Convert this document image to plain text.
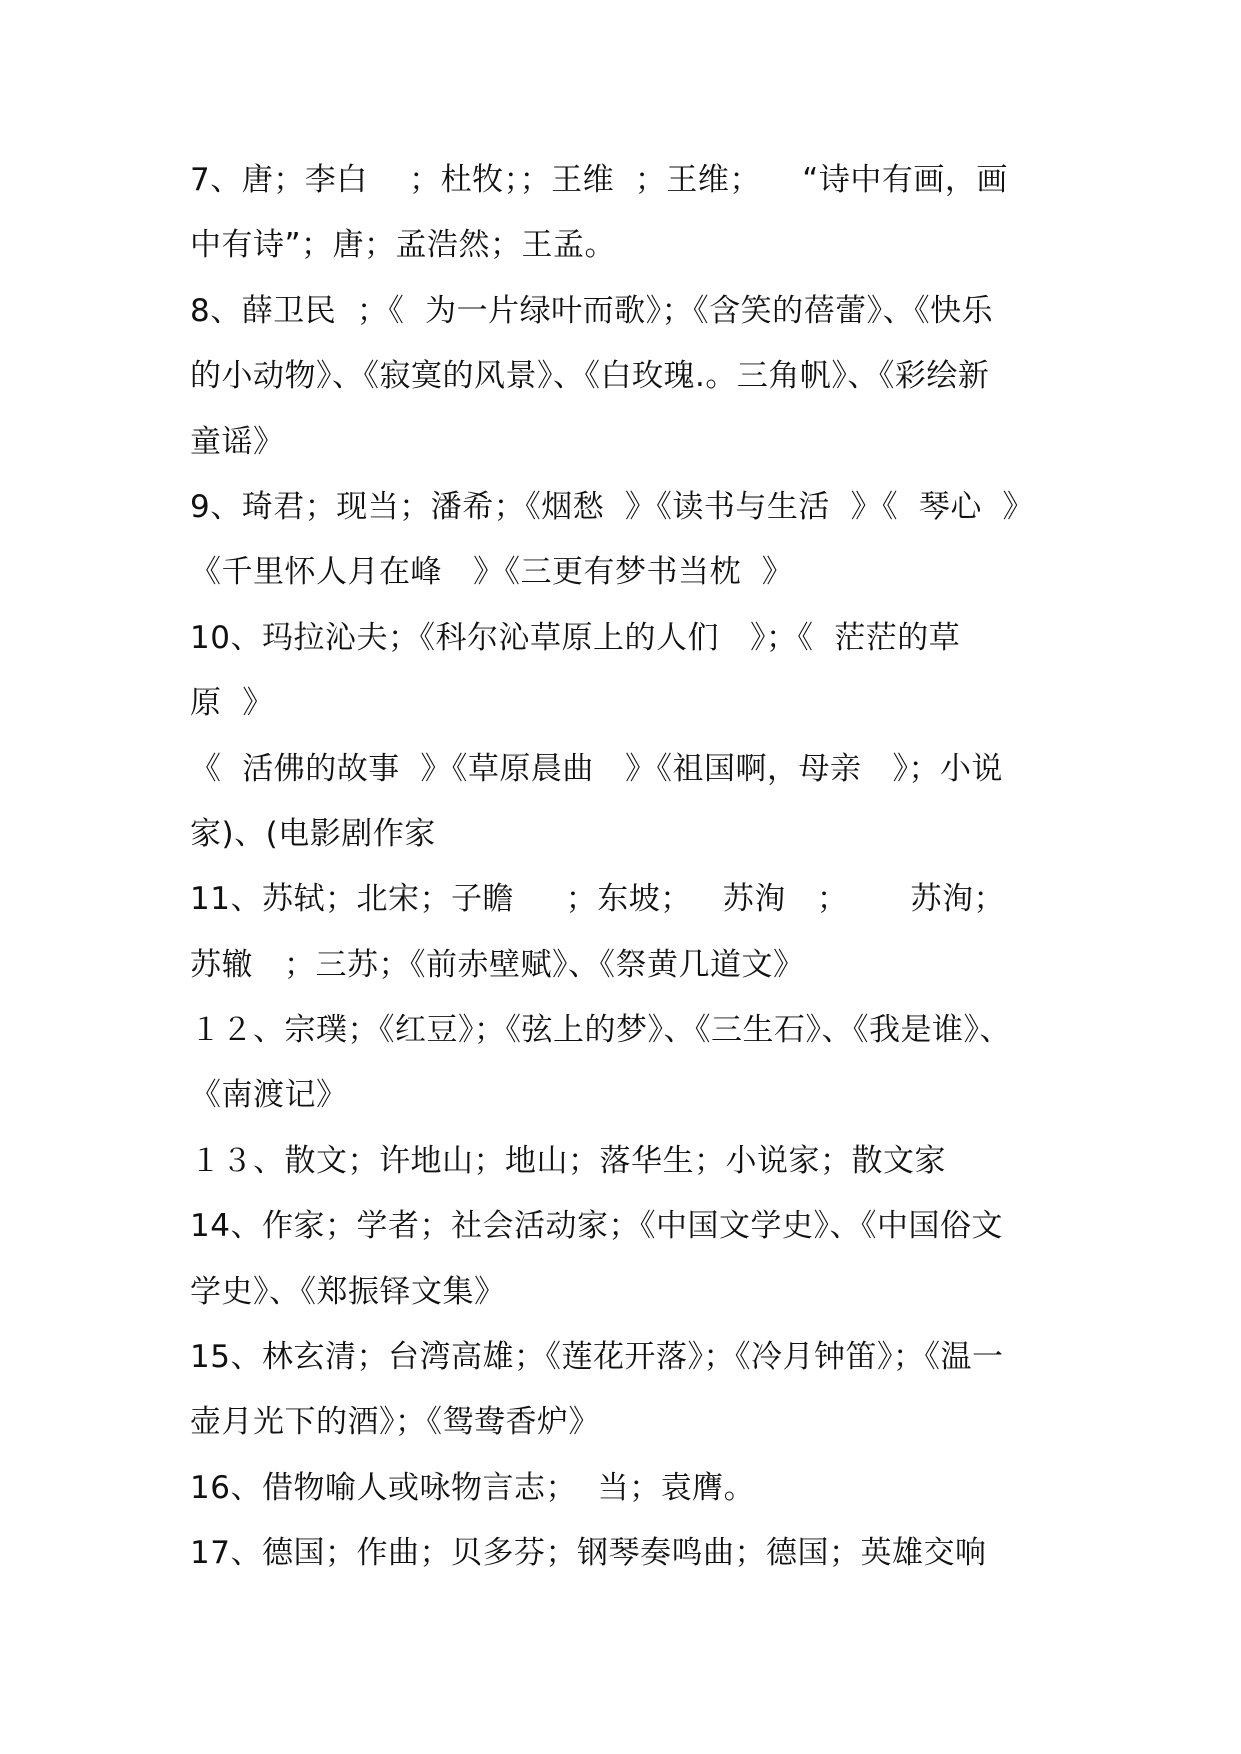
7、唐；李白    ；杜牧；；王维  ；王维；    “诗中有画，画
中有诗”；唐；孟浩然；王孟。
8、薛卫民  ；《  为一片绿叶而歌》；《含笑的蓓蕾》、《快乐
的小动物》、《寂寞的风景》、《白玫瑰.。三角帆》、《彩绘新
童谣》
9、琦君；现当；潘希；《烟愁  》《读书与生活  》《  琴心  》
《千里怀人月在峰   》《三更有梦书当枕  》
10、玛拉沁夫；《科尔沁草原上的人们   》；《  茫茫的草
原  》
《  活佛的故事  》《草原晨曲   》《祖国啊，母亲   》；小说
家)、(电影剧作家
11、苏轼；北宋；子瞻     ；东坡；   苏洵   ；      苏洵；
苏辙   ；三苏；《前赤壁赋》、《祭黄几道文》
１２、宗璞；《红豆》；《弦上的梦》、《三生石》、《我是谁》、
《南渡记》
１３、散文；许地山；地山；落华生；小说家；散文家
14、作家；学者；社会活动家；《中国文学史》、《中国俗文
学史》、《郑振铎文集》
15、林玄清；台湾高雄；《莲花开落》；《冷月钟笛》；《温一
壶月光下的酒》；《鸳鸯香炉》
16、借物喻人或咏物言志；  当；袁膺。
17、德国；作曲；贝多芬；钢琴奏鸣曲；德国；英雄交响
